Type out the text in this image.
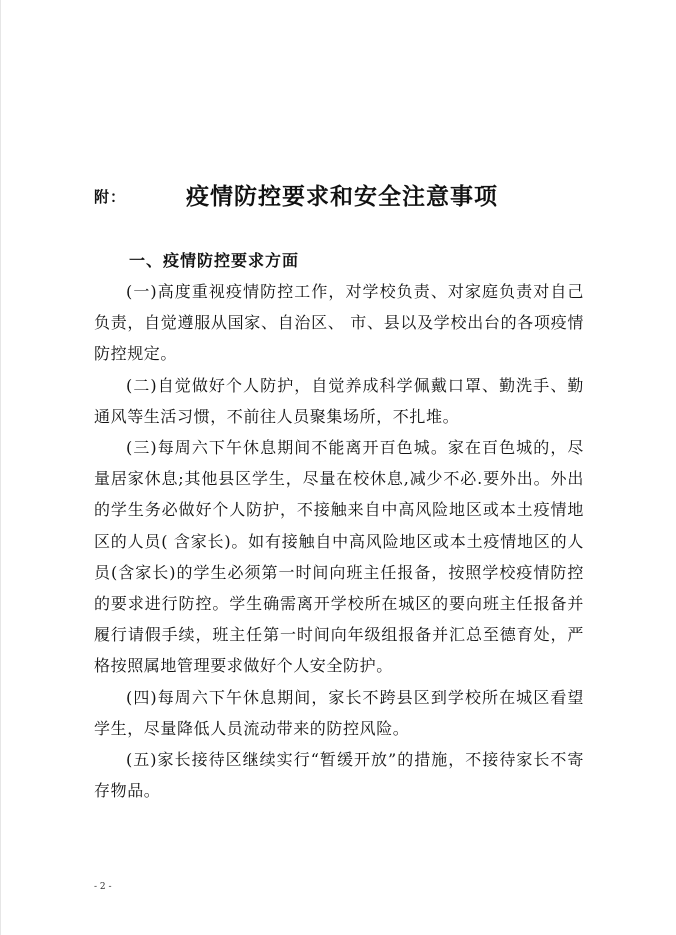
附：	疫情防控要求和安全注意事项
一、疫情防控要求方面

(一)高度重视疫情防控工作，对学校负责、对家庭负责对自己负责，自觉遵服从国家、自治区、 市、县以及学校出台的各项疫情防控规定。

(二)自觉做好个人防护，自觉养成科学佩戴口罩、勤洗手、勤通风等生活习惯，不前往人员聚集场所，不扎堆。

(三)每周六下午休息期间不能离开百色城。家在百色城的，尽量居家休息;其他县区学生，尽量在校休息,减少不必.要外出。外出的学生务必做好个人防护，不接触来自中高风险地区或本土疫情地区的人员( 含家长)。如有接触自中高风险地区或本土疫情地区的人员(含家长)的学生必须第一时间向班主任报备，按照学校疫情防控的要求进行防控。学生确需离开学校所在城区的要向班主任报备并履行请假手续，班主任第一时间向年级组报备并汇总至德育处，严格按照属地管理要求做好个人安全防护。

(四)每周六下午休息期间，家长不跨县区到学校所在城区看望学生，尽量降低人员流动带来的防控风险。

(五)家长接待区继续实行“暂缓开放”的措施，不接待家长不寄存物品。

- 2 -
